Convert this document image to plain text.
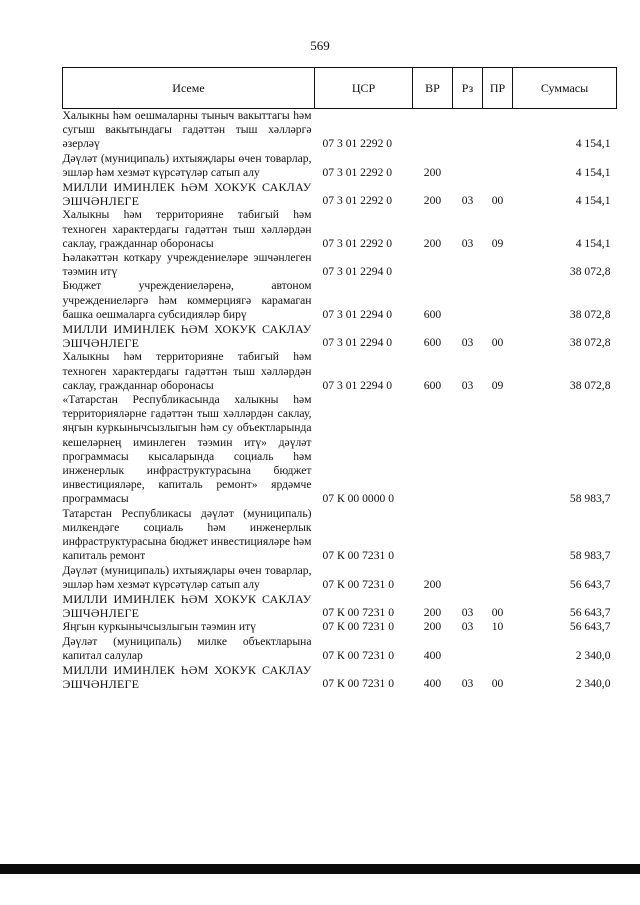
569
Исеме	ЦСР	ВР	Рз	ПР	Суммасы
Халыкны һәм оешмаларны тыныч вакыттагы һәм сугыш вакытындагы гадәттән тыш хәлләргә әзерләү	07 3 01 2292 0				4 154,1
Дәүләт (муниципаль) ихтыяҗлары өчен товарлар, эшләр һәм хезмәт күрсәтүләр сатып алу	07 3 01 2292 0	200			4 154,1
МИЛЛИ ИМИНЛЕК ҺӘМ ХОКУК САКЛАУ ЭШЧӘНЛЕГЕ	07 3 01 2292 0	200	03	00	4 154,1
Халыкны һәм территорияне табигый һәм техноген характердагы гадәттән тыш хәлләрдән саклау, гражданнар оборонасы	07 3 01 2292 0	200	03	09	4 154,1
Һәлакәттән коткару учреждениеләре эшчәнлеген тәэмин итү	07 3 01 2294 0				38 072,8
Бюджет учреждениеләренә, автоном учреждениеләргә һәм коммерциягә карамаган башка оешмаларга субсидияләр бирү	07 3 01 2294 0	600			38 072,8
МИЛЛИ ИМИНЛЕК ҺӘМ ХОКУК САКЛАУ ЭШЧӘНЛЕГЕ	07 3 01 2294 0	600	03	00	38 072,8
Халыкны һәм территорияне табигый һәм техноген характердагы гадәттән тыш хәлләрдән саклау, гражданнар оборонасы	07 3 01 2294 0	600	03	09	38 072,8
«Татарстан Республикасында халыкны һәм территорияләрне гадәттән тыш хәлләрдән саклау, яңгын куркынычсызлыгын һәм су объектларында кешеләрнең иминлеген тәэмин итү» дәүләт программасы кысаларында социаль һәм инженерлык инфраструктурасына бюджет инвестицияләре, капиталь ремонт» ярдәмче программасы	07 К 00 0000 0				58 983,7
Татарстан Республикасы дәүләт (муниципаль) милкендәге социаль һәм инженерлык инфраструктурасына бюджет инвестицияләре һәм капиталь ремонт	07 К 00 7231 0				58 983,7
Дәүләт (муниципаль) ихтыяҗлары өчен товарлар, эшләр һәм хезмәт күрсәтүләр сатып алу	07 К 00 7231 0	200			56 643,7
МИЛЛИ ИМИНЛЕК ҺӘМ ХОКУК САКЛАУ ЭШЧӘНЛЕГЕ	07 К 00 7231 0	200	03	00	56 643,7
Яңгын куркынычсызлыгын тәэмин итү	07 К 00 7231 0	200	03	10	56 643,7
Дәүләт (муниципаль) милке объектларына капитал салулар	07 К 00 7231 0	400			2 340,0
МИЛЛИ ИМИНЛЕК ҺӘМ ХОКУК САКЛАУ ЭШЧӘНЛЕГЕ	07 К 00 7231 0	400	03	00	2 340,0
